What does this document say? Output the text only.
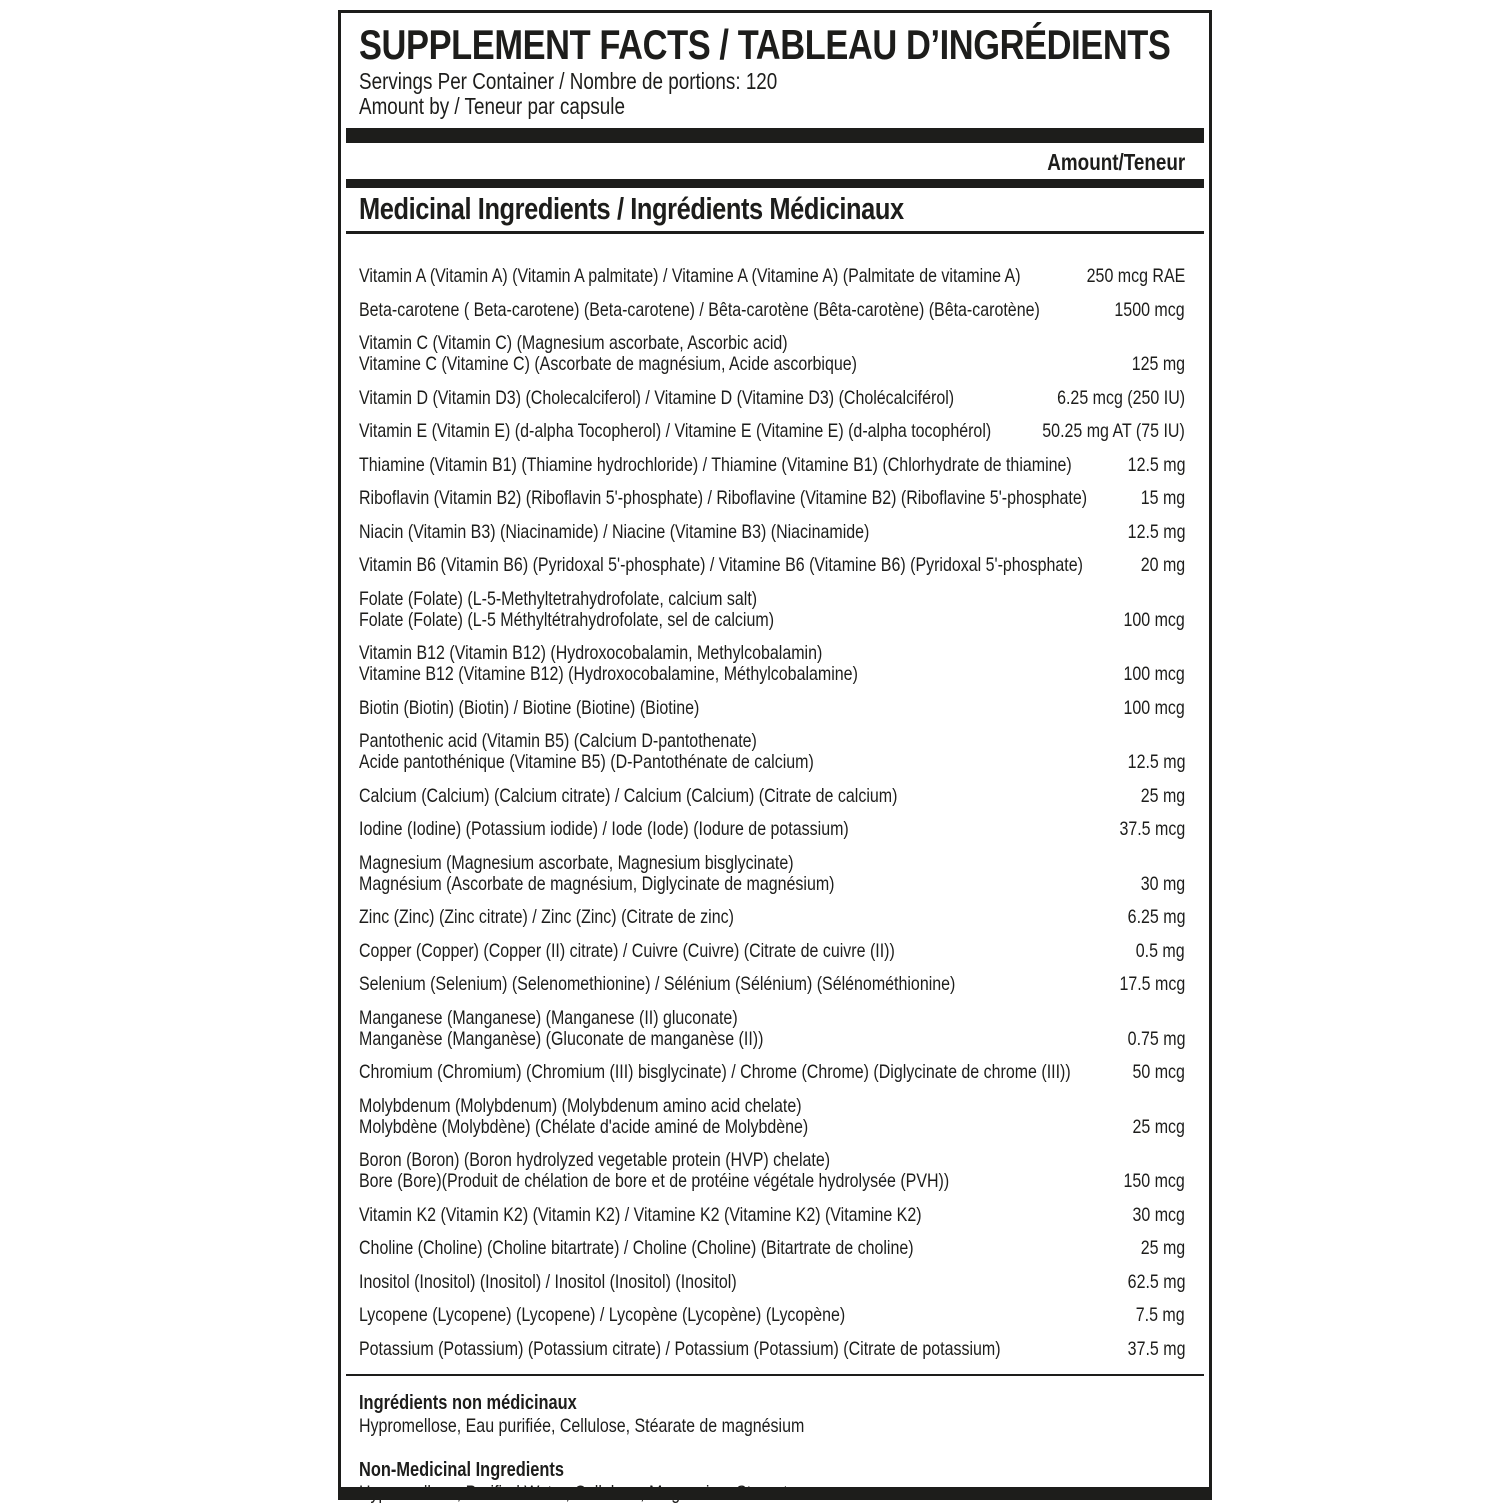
SUPPLEMENT FACTS / TABLEAU D’INGRÉDIENTS
Servings Per Container / Nombre de portions: 120
Amount by / Teneur par capsule
Amount/Teneur
Medicinal Ingredients / Ingrédients Médicinaux
Vitamin A (Vitamin A) (Vitamin A palmitate) / Vitamine A (Vitamine A) (Palmitate de vitamine A)	250 mcg RAE
Beta-carotene ( Beta-carotene) (Beta-carotene) / Bêta-carotène (Bêta-carotène) (Bêta-carotène)	1500 mcg
Vitamin C (Vitamin C) (Magnesium ascorbate, Ascorbic acid)
Vitamine C (Vitamine C) (Ascorbate de magnésium, Acide ascorbique)	125 mg
Vitamin D (Vitamin D3) (Cholecalciferol) / Vitamine D (Vitamine D3) (Cholécalciférol)	6.25 mcg (250 IU)
Vitamin E (Vitamin E) (d-alpha Tocopherol) / Vitamine E (Vitamine E) (d-alpha tocophérol)	50.25 mg AT (75 IU)
Thiamine (Vitamin B1) (Thiamine hydrochloride) / Thiamine (Vitamine B1) (Chlorhydrate de thiamine)	12.5 mg
Riboflavin (Vitamin B2) (Riboflavin 5'-phosphate) / Riboflavine (Vitamine B2) (Riboflavine 5'-phosphate)	15 mg
Niacin (Vitamin B3) (Niacinamide) / Niacine (Vitamine B3) (Niacinamide)	12.5 mg
Vitamin B6 (Vitamin B6) (Pyridoxal 5'-phosphate) / Vitamine B6 (Vitamine B6) (Pyridoxal 5'-phosphate)	20 mg
Folate (Folate) (L-5-Methyltetrahydrofolate, calcium salt)
Folate (Folate) (L-5 Méthyltétrahydrofolate, sel de calcium)	100 mcg
Vitamin B12 (Vitamin B12) (Hydroxocobalamin, Methylcobalamin)
Vitamine B12 (Vitamine B12) (Hydroxocobalamine, Méthylcobalamine)	100 mcg
Biotin (Biotin) (Biotin) / Biotine (Biotine) (Biotine)	100 mcg
Pantothenic acid (Vitamin B5) (Calcium D-pantothenate)
Acide pantothénique (Vitamine B5) (D-Pantothénate de calcium)	12.5 mg
Calcium (Calcium) (Calcium citrate) / Calcium (Calcium) (Citrate de calcium)	25 mg
Iodine (Iodine) (Potassium iodide) / Iode (Iode) (Iodure de potassium)	37.5 mcg
Magnesium (Magnesium ascorbate, Magnesium bisglycinate)
Magnésium (Ascorbate de magnésium, Diglycinate de magnésium)	30 mg
Zinc (Zinc) (Zinc citrate) / Zinc (Zinc) (Citrate de zinc)	6.25 mg
Copper (Copper) (Copper (II) citrate) / Cuivre (Cuivre) (Citrate de cuivre (II))	0.5 mg
Selenium (Selenium) (Selenomethionine) / Sélénium (Sélénium) (Sélénométhionine)	17.5 mcg
Manganese (Manganese) (Manganese (II) gluconate)
Manganèse (Manganèse) (Gluconate de manganèse (II))	0.75 mg
Chromium (Chromium) (Chromium (III) bisglycinate) / Chrome (Chrome) (Diglycinate de chrome (III))	50 mcg
Molybdenum (Molybdenum) (Molybdenum amino acid chelate)
Molybdène (Molybdène) (Chélate d'acide aminé de Molybdène)	25 mcg
Boron (Boron) (Boron hydrolyzed vegetable protein (HVP) chelate)
Bore (Bore)(Produit de chélation de bore et de protéine végétale hydrolysée (PVH))	150 mcg
Vitamin K2 (Vitamin K2) (Vitamin K2) / Vitamine K2 (Vitamine K2) (Vitamine K2)	30 mcg
Choline (Choline) (Choline bitartrate) / Choline (Choline) (Bitartrate de choline)	25 mg
Inositol (Inositol) (Inositol) / Inositol (Inositol) (Inositol)	62.5 mg
Lycopene (Lycopene) (Lycopene) / Lycopène (Lycopène) (Lycopène)	7.5 mg
Potassium (Potassium) (Potassium citrate) / Potassium (Potassium) (Citrate de potassium)	37.5 mg
Ingrédients non médicinaux
Hypromellose, Eau purifiée, Cellulose, Stéarate de magnésium
Non-Medicinal Ingredients
